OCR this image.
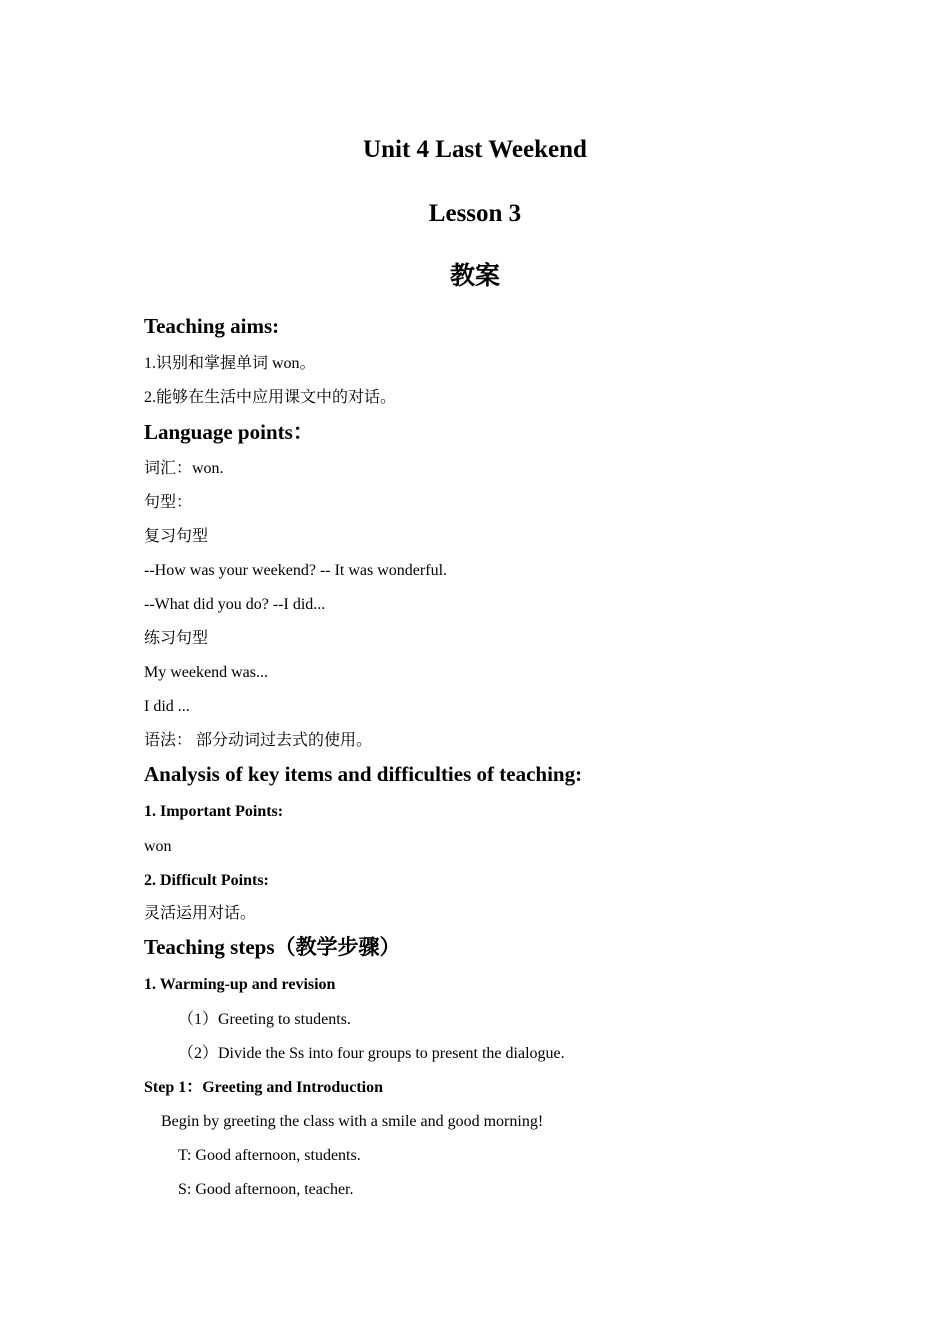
Unit 4 Last Weekend
Lesson 3
教案
Teaching aims:
1.识别和掌握单词 won。
2.能够在生活中应用课文中的对话。
Language points：
词汇：won.
句型：
复习句型
--How was your weekend? -- It was wonderful.
--What did you do? --I did...
练习句型
My weekend was...
I did ...
语法： 部分动词过去式的使用。
Analysis of key items and difficulties of teaching:
1. Important Points:
won
2. Difficult Points:
灵活运用对话。
Teaching steps（教学步骤）
1. Warming-up and revision
（1）Greeting to students.
（2）Divide the Ss into four groups to present the dialogue.
Step 1：Greeting and Introduction
Begin by greeting the class with a smile and good morning!
T: Good afternoon, students.
S: Good afternoon, teacher.
